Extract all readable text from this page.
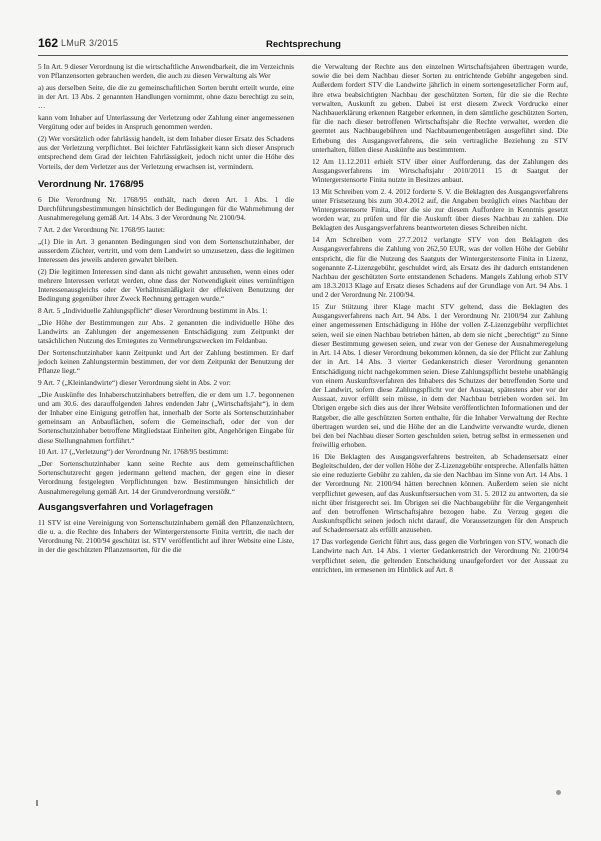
162 LMuR 3/2015	Rechtsprechung

5 In Art. 9 dieser Verordnung ist die wirtschaftliche Anwendbarkeit, die im Verzeichnis von Pflanzensorten gebrauchen werden, die auch zu diesen Verwaltung als Wer

a) aus derselben Seite, die die zu gemeinschaftlichen Sorten beruht erteilt wurde, eine in der Art. 13 Abs. 2 genannten Handlungen vornimmt, ohne dazu berechtigt zu sein, …

kann vom Inhaber auf Unterlassung der Verletzung oder Zahlung einer angemessenen Vergütung oder auf beides in Anspruch genommen werden.

(2) Wer vorsätzlich oder fahrlässig handelt, ist dem Inhaber dieser Ersatz des Schadens aus der Verletzung verpflichtet. Bei leichter Fahrlässigkeit kann sich dieser Anspruch entsprechend dem Grad der leichten Fahrlässigkeit, jedoch nicht unter die Höhe des Vorteils, der dem Verletzer aus der Verletzung erwachsen ist, vermindern.

Verordnung Nr. 1768/95

6 Die Verordnung Nr. 1768/95 enthält, nach deren Art. 1 Abs. 1 die Durchführungsbestimmungen hinsichtlich der Bedingungen für die Wahrnehmung der Ausnahmeregelung gemäß Art. 14 Abs. 3 der Verordnung Nr. 2100/94.

7 Art. 2 der Verordnung Nr. 1768/95 lautet:

„(1) Die in Art. 3 genannten Bedingungen sind von dem Sortenschutzinhaber, der ausserdem Züchter, vertritt, und vom dem Landwirt so umzusetzen, dass die legitimen Interessen des jeweils anderen gewahrt bleiben.

(2) Die legitimen Interessen sind dann als nicht gewahrt anzusehen, wenn eines oder mehrere Interessen verletzt werden, ohne dass der Notwendigkeit eines vernünftigen Interessenausgleichs oder der Verhältnismäßigkeit der effektiven Benutzung der Bedingung gegenüber ihrer Zweck Rechnung getragen wurde.“

8 Art. 5 „Individuelle Zahlungspflicht“ dieser Verordnung bestimmt in Abs. 1:

„Die Höhe der Bestimmungen zur Abs. 2 genannten die individuelle Höhe des Landwirts an Zahlungen der angemessenen Entschädigung zum Zeitpunkt der tatsächlichen Nutzung des Erntegutes zu Vermehrungszwecken im Feldanbau.

Der Sortenschutzinhaber kann Zeitpunkt und Art der Zahlung bestimmen. Er darf jedoch keinen Zahlungstermin bestimmen, der vor dem Zeitpunkt der Benutzung der Pflanze liegt.“

9 Art. 7 („Kleinlandwirte“) dieser Verordnung sieht in Abs. 2 vor:

„Die Auskünfte des Inhaberschutzinhabers betreffen, die er dem um 1.7. begonnenen und am 30.6. des darauffolgenden Jahres endenden Jahr („Wirtschaftsjahr“), in dem der Inhaber eine Einigung getroffen hat, innerhalb der Sorte als Sortenschutzinhaber gemeinsam an Anbauflächen, sofern die Gemeinschaft, oder der von der Sortenschutzinhaber betroffene Mitgliedstaat Einheiten gibt, Angehörigen Eingabe für diese Stellungnahmen fortführt.“

10 Art. 17 („Verletzung“) der Verordnung Nr. 1768/95 bestimmt:

„Der Sortenschutzinhaber kann seine Rechte aus dem gemeinschaftlichen Sortenschutzrecht gegen jedermann geltend machen, der gegen eine in dieser Verordnung festgelegten Verpflichtungen bzw. Bestimmungen hinsichtlich der Ausnahmeregelung gemäß Art. 14 der Grundverordnung verstößt.“

Ausgangsverfahren und Vorlagefragen

11 STV ist eine Vereinigung von Sortenschutzinhabern gemäß den Pflanzenzüchtern, die u. a. die Rechte des Inhabers der Wintergerstensorte Finita vertritt, die nach der Verordnung Nr. 2100/94 geschützt ist. STV veröffentlicht auf ihrer Website eine Liste, in der die geschützten Pflanzensorten, für die die

die Verwaltung der Rechte aus den einzelnen Wirtschaftsjahren übertragen wurde, sowie die bei dem Nachbau dieser Sorten zu entrichtende Gebühr angegeben sind. Außerdem fordert STV die Landwirte jährlich in einem sortengesetzlicher Form auf, ihre etwa beabsichtigten Nachbau der geschützten Sorten, für die sie die Rechte verwalten, Auskunft zu geben. Dabei ist erst diesem Zweck Vordrucke einer Nachbauerklärung erkennen Ratgeber erkennen, in dem sämtliche geschützten Sorten, für die nach dieser betroffenen Wirtschaftsjahr die Rechte verwaltet, werden die geerntet aus Nachbaugebühren und Nachbaumengenbeträgen ausgeführt sind. Die Erhebung des Ausgangsverfahrens, die sein vertragliche Beziehung zu STV unterhalten, füllen diese Auskünfte aus bestimmtem.

12 Am 11.12.2011 erhielt STV über einer Aufforderung, das der Zahlungen des Ausgangsverfahrens im Wirtschaftsjahr 2010/2011 15 dt Saatgut der Wintergerstensorte Finita nutzte in Besitzes anbaut.

13 Mit Schreiben vom 2. 4. 2012 forderte S. V. die Beklagten des Ausgangsverfahrens unter Fristsetzung bis zum 30.4.2012 auf, die Angaben bezüglich eines Nachbau der Wintergerstensorte Finita, über die sie zur diesem Auffordere in Kenntnis gesetzt worden war, zu prüfen und für die Auskunft über dieses Nachbau zu zahlen. Die Beklagten des Ausgangsverfahrens beantworteten dieses Schreiben nicht.

14 Am Schreiben vom 27.7.2012 verlangte STV von den Beklagten des Ausgangsverfahrens die Zahlung von 262,50 EUR, was der vollen Höhe der Gebühr entspricht, die für die Nutzung des Saatguts der Wintergerstensorte Finita in Lizenz, sogenannte Z-Lizenzgebühr, geschuldet wird, als Ersatz des ihr dadurch entstandenen Nachbau der geschützten Sorte entstandenen Schadens. Mangels Zahlung erhob STV am 18.3.2013 Klage auf Ersatz dieses Schadens auf der Grundlage von Art. 94 Abs. 1 und 2 der Verordnung Nr. 2100/94.

15 Zur Stützung ihrer Klage macht STV geltend, dass die Beklagten des Ausgangsverfahrens nach Art. 94 Abs. 1 der Verordnung Nr. 2100/94 zur Zahlung einer angemessenen Entschädigung in Höhe der vollen Z-Lizenzgebühr verpflichtet seien, weil sie einen Nachbau betrieben hätten, ab dem sie nicht „berechtigt“ zu Sinne dieser Bestimmung gewesen seien, und zwar von der Genese der Ausnahmeregelung in Art. 14 Abs. 1 dieser Verordnung bekommen können, da sie der Pflicht zur Zahlung der in Art. 14 Abs. 3 vierter Gedankenstrich dieser Verordnung genannten Entschädigung nicht nachgekommen seien. Diese Zahlungspflicht bestehe unabhängig von einem Auskunftsverfahren des Inhabers des Schutzes der betreffenden Sorte und der Landwirt, sofern diese Zahlungspflicht vor der Aussaat, spätestens aber vor der Aussaat, zuvor erfüllt sein müsse, in dem der Nachbau betrieben worden sei. Im Übrigen ergebe sich dies aus der ihrer Website veröffentlichten Informationen und der Ratgeber, die alle geschützten Sorten enthalte, für die Inhaber Verwaltung der Rechte übertragen wurden sei, und die Höhe der an die Landwirte verwandte wurde, dienen bei den bei Nachbau dieser Sorten geschulden seien, betrug selbst in ermessenen und freiwillig erhoben.

16 Die Beklagten des Ausgangsverfahrens bestreiten, ab Schadensersatz einer Begleitschulden, der der vollen Höhe der Z-Lizenzgebühr entspreche. Allenfalls hätten sie eine reduzierte Gebühr zu zahlen, da sie den Nachbau im Sinne von Art. 14 Abs. 1 der Verordnung Nr. 2100/94 hätten berechnen können. Außerdem seien sie nicht verpflichtet gewesen, auf das Auskunftsersuchen vom 31. 5. 2012 zu antworten, da sie nicht über fristgerecht sei. Im Übrigen sei die Nachbaugebühr für die Vergangenheit auf den betroffenen Wirtschaftsjahre bezogen habe. Zu Verzug gegen die Auskunftspflicht seinen jedoch nicht darauf, die Voraussetzungen für den Anspruch auf Schadensersatz als erfüllt anzusehen.

17 Das vorlegende Gericht führt aus, dass gegen die Vorbringen von STV, wonach die Landwirte nach Art. 14 Abs. 1 vierter Gedankenstrich der Verordnung Nr. 2100/94 verpflichtet seien, die geltenden Entscheidung unaufgefordert vor der Aussaat zu entrichten, im ermesenen im Hinblick auf Art. 8
